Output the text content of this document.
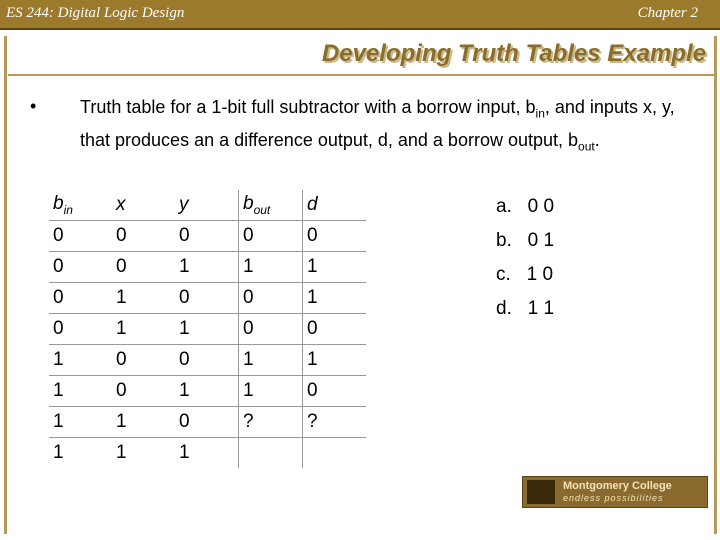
ES 244: Digital Logic Design	Chapter 2
Developing Truth Tables Example
• Truth table for a 1-bit full subtractor with a borrow input, $b_{in}$, and inputs x, y, that produces an a difference output, d, and a borrow output, $b_{out}$.
$b_{in}$	x	y	$b_{out}$	d
0	0	0	0	0
0	0	1	1	1
0	1	0	0	1
0	1	1	0	0
1	0	0	1	1
1	0	1	1	0
1	1	0	?	?
1	1	1		
a.   0 0
b.   0 1
c.   1 0
d.   1 1
Montgomery College
endless possibilities
